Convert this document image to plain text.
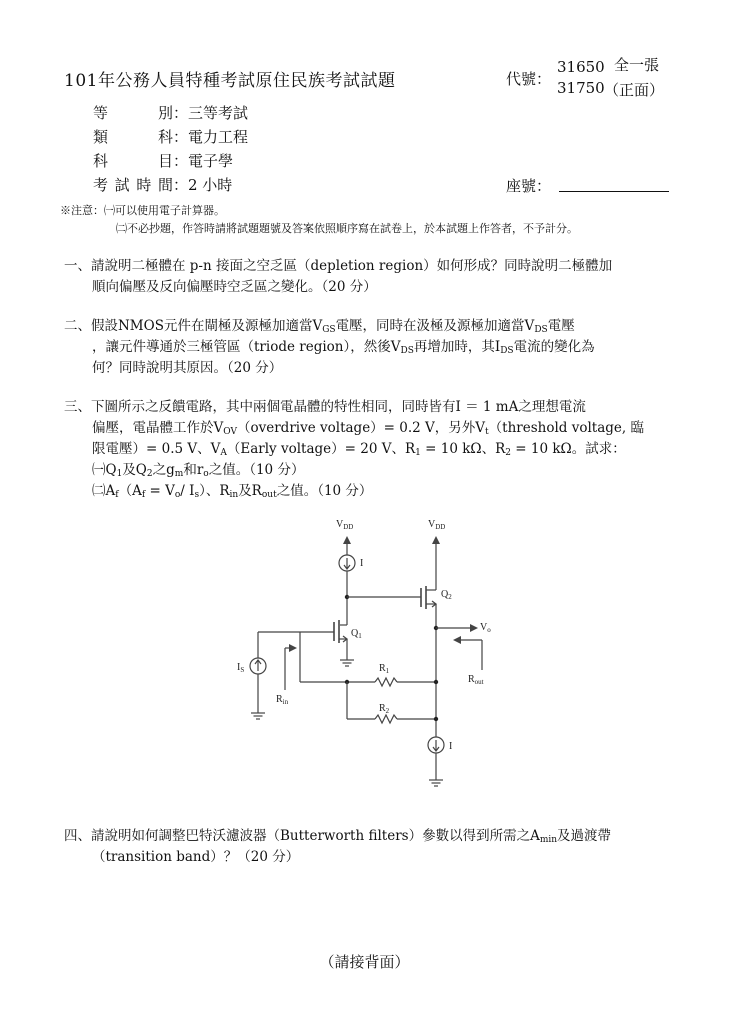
101年公務人員特種考試原住民族考試試題	代號：
31650
31750
全一張
（正面）
等　　別：三等考試
類　　科：電力工程
科　　目：電子學
考試時間：2 小時	座號：
※注意：㈠可以使用電子計算器。
㈡不必抄題，作答時請將試題題號及答案依照順序寫在試卷上，於本試題上作答者，不予計分。
一、請說明二極體在 p-n 接面之空乏區（depletion region）如何形成？同時說明二極體加
順向偏壓及反向偏壓時空乏區之變化。（20 分）
二、假設NMOS元件在閘極及源極加適當$V_{GS}$電壓，同時在汲極及源極加適當$V_{DS}$電壓
，讓元件導通於三極管區（triode region），然後$V_{DS}$再增加時，其$I_{DS}$電流的變化為
何？同時說明其原因。（20 分）
三、下圖所示之反饋電路，其中兩個電晶體的特性相同，同時皆有I ＝ 1 mA之理想電流
偏壓，電晶體工作於$V_{OV}(overdrive$ voltage）= 0.2 V，另外$V_t(threshold$ voltage, 臨
限電壓）= 0.5 V、$V_A(Early$ voltage）= 20 V、$R_1 = 10$ kΩ、$R_2 = 10$ kΩ。試求：
$㈠Q_1$及$Q_2$之$g_m$和$r_o$之值。（10 分）
$㈡A_f(A_f = V_o/$ $I_s$）、$R_{in}$及$R_{out}$之值。（10 分）
$V_{DD}$
I
$V_{DD}$
$Q_2$
$V_o$
$R_{out}$
$Q_1$
$I_S$
$R_{in}$
$R_1$
$R_2$
I
四、請說明如何調整巴特沃濾波器（Butterworth filters）參數以得到所需之$A_{min}$及過渡帶
（transition band）？（20 分）
（請接背面）
